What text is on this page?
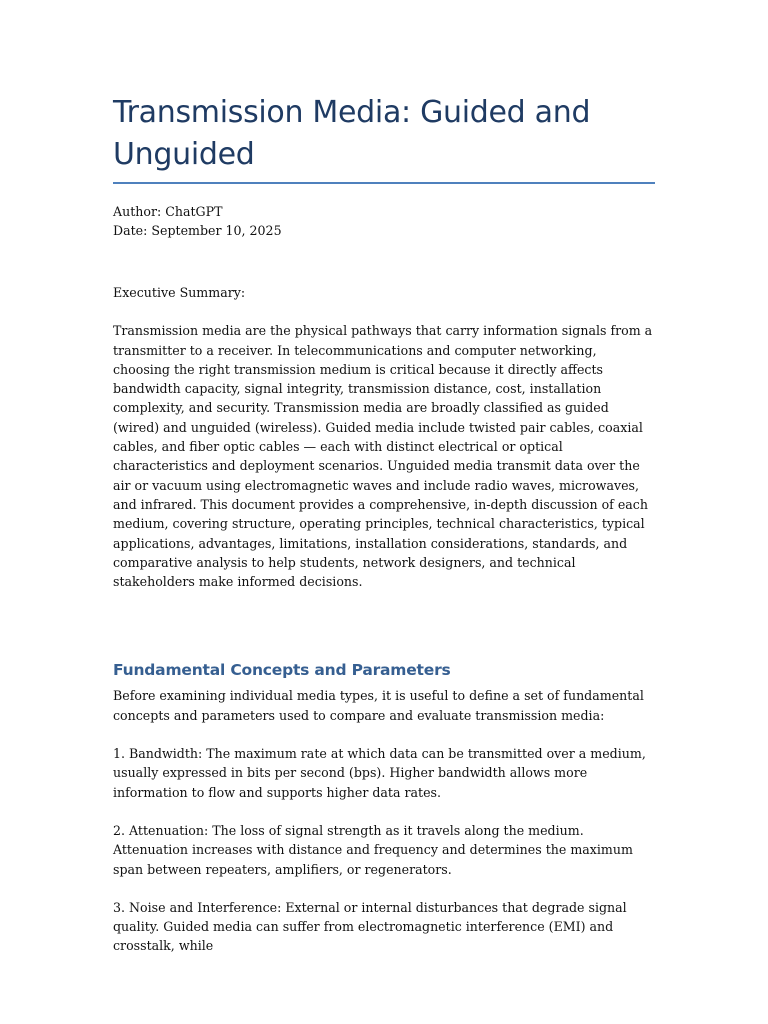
Transmission Media: Guided and Unguided
Author: ChatGPT
Date: September 10, 2025

Executive Summary:

Transmission media are the physical pathways that carry information signals from a transmitter to a receiver. In telecommunications and computer networking, choosing the right transmission medium is critical because it directly affects bandwidth capacity, signal integrity, transmission distance, cost, installation complexity, and security. Transmission media are broadly classified as guided (wired) and unguided (wireless). Guided media include twisted pair cables, coaxial cables, and fiber optic cables — each with distinct electrical or optical characteristics and deployment scenarios. Unguided media transmit data over the air or vacuum using electromagnetic waves and include radio waves, microwaves, and infrared. This document provides a comprehensive, in-depth discussion of each medium, covering structure, operating principles, technical characteristics, typical applications, advantages, limitations, installation considerations, standards, and comparative analysis to help students, network designers, and technical stakeholders make informed decisions.

Fundamental Concepts and Parameters

Before examining individual media types, it is useful to define a set of fundamental concepts and parameters used to compare and evaluate transmission media:

1. Bandwidth: The maximum rate at which data can be transmitted over a medium, usually expressed in bits per second (bps). Higher bandwidth allows more information to flow and supports higher data rates.

2. Attenuation: The loss of signal strength as it travels along the medium. Attenuation increases with distance and frequency and determines the maximum span between repeaters, amplifiers, or regenerators.

3. Noise and Interference: External or internal disturbances that degrade signal quality. Guided media can suffer from electromagnetic interference (EMI) and crosstalk, while
